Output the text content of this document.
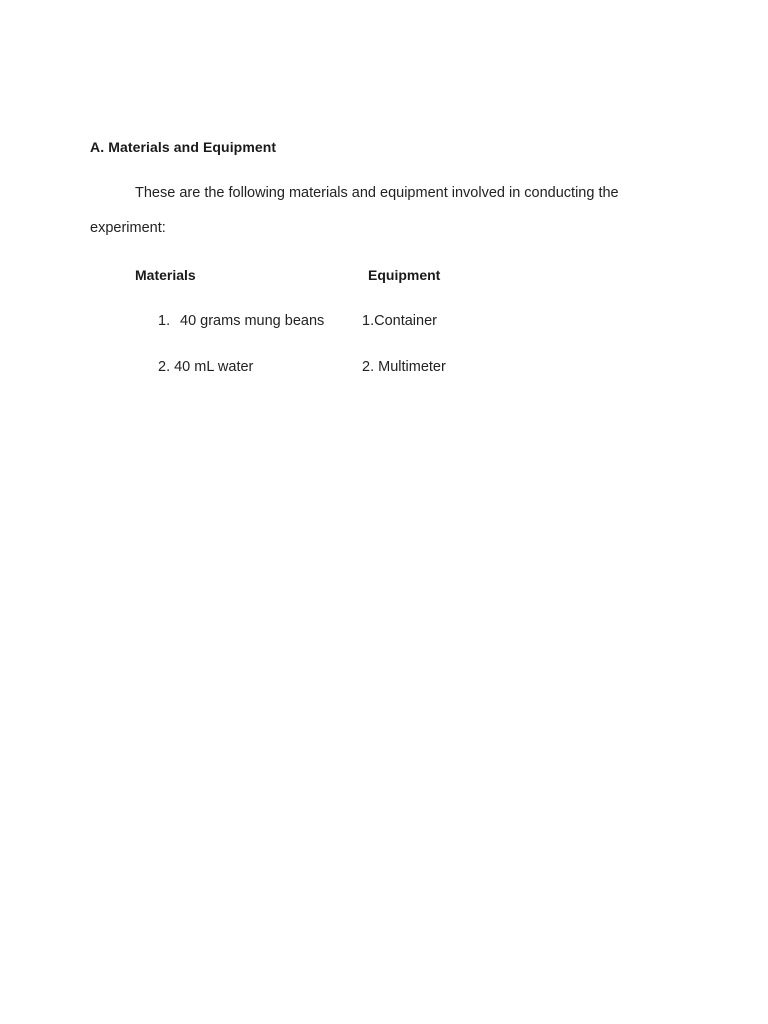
A. Materials and Equipment
These are the following materials and equipment involved in conducting the
experiment:
Materials	Equipment
1. 40 grams mung beans
2. 40 mL water
1.Container
2. Multimeter
